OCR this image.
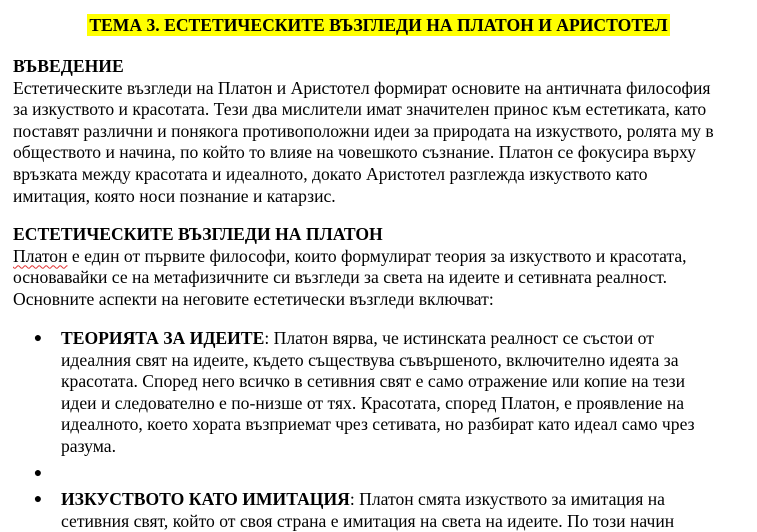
ТЕМА 3. ЕСТЕТИЧЕСКИТЕ ВЪЗГЛЕДИ НА ПЛАТОН И АРИСТОТЕЛ
ВЪВЕДЕНИЕ
Естетическите възгледи на Платон и Аристотел формират основите на античната философия
за изкуството и красотата. Тези два мислители имат значителен принос към естетиката, като
поставят различни и понякога противоположни идеи за природата на изкуството, ролята му в
обществото и начина, по който то влияе на човешкото съзнание. Платон се фокусира върху
връзката между красотата и идеалното, докато Аристотел разглежда изкуството като
имитация, която носи познание и катарзис.
ЕСТЕТИЧЕСКИТЕ ВЪЗГЛЕДИ НА ПЛАТОН
Платон е един от първите философи, които формулират теория за изкуството и красотата,
основавайки се на метафизичните си възгледи за света на идеите и сетивната реалност.
Основните аспекти на неговите естетически възгледи включват:
● ТЕОРИЯТА ЗА ИДЕИТЕ: Платон вярва, че истинската реалност се състои от
идеалния свят на идеите, където съществува съвършеното, включително идеята за
красотата. Според него всичко в сетивния свят е само отражение или копие на тези
идеи и следователно е по-низше от тях. Красотата, според Платон, е проявление на
идеалното, което хората възприемат чрез сетивата, но разбират като идеал само чрез
разума.
●
● ИЗКУСТВОТО КАТО ИМИТАЦИЯ: Платон смята изкуството за имитация на
сетивния свят, който от своя страна е имитация на света на идеите. По този начин
